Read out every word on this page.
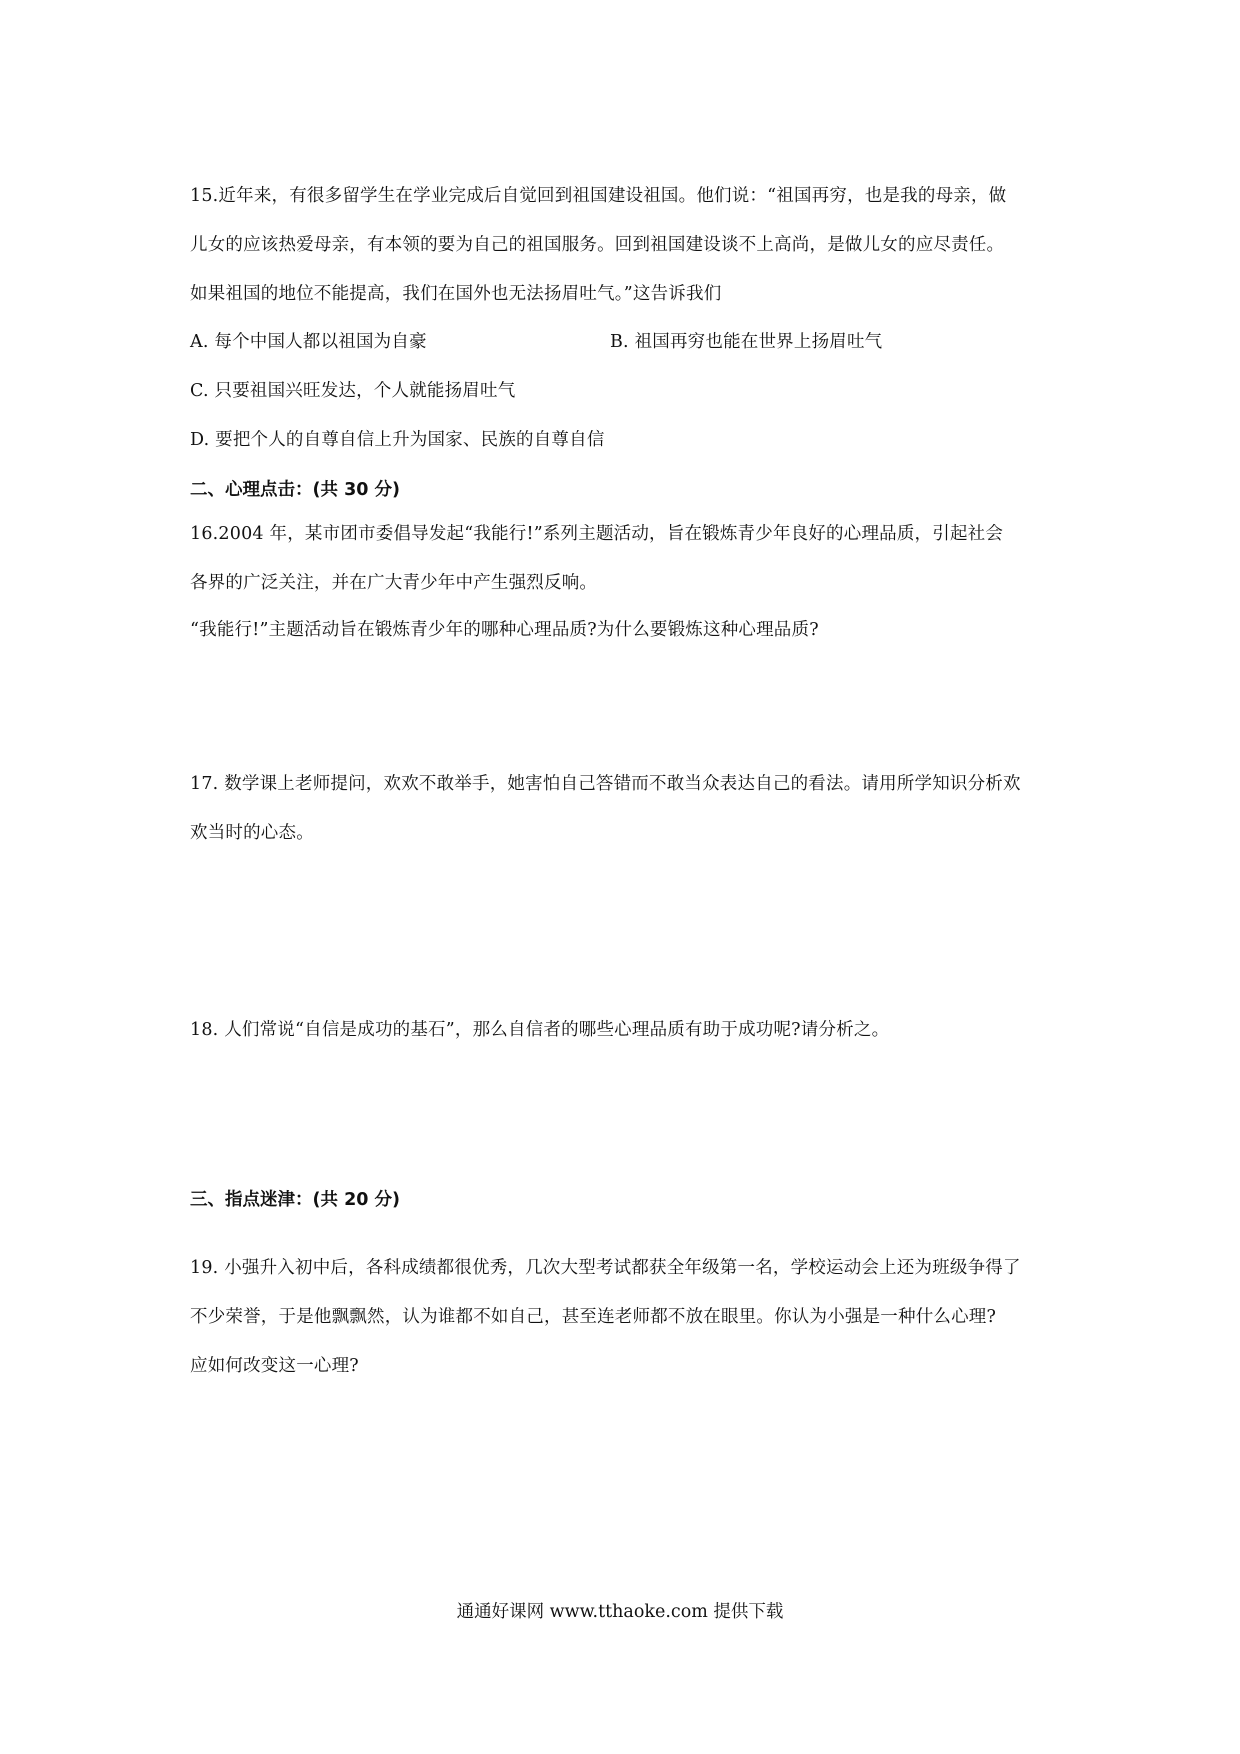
15.近年来，有很多留学生在学业完成后自觉回到祖国建设祖国。他们说：“祖国再穷，也是我的母亲，做
儿女的应该热爱母亲，有本领的要为自己的祖国服务。回到祖国建设谈不上高尚，是做儿女的应尽责任。
如果祖国的地位不能提高，我们在国外也无法扬眉吐气。”这告诉我们
A. 每个中国人都以祖国为自豪	B. 祖国再穷也能在世界上扬眉吐气
C. 只要祖国兴旺发达，个人就能扬眉吐气
D. 要把个人的自尊自信上升为国家、民族的自尊自信
二、心理点击：(共 30 分)
16.2004 年，某市团市委倡导发起“我能行!”系列主题活动，旨在锻炼青少年良好的心理品质，引起社会
各界的广泛关注，并在广大青少年中产生强烈反响。
“我能行!”主题活动旨在锻炼青少年的哪种心理品质?为什么要锻炼这种心理品质?
17. 数学课上老师提问，欢欢不敢举手，她害怕自己答错而不敢当众表达自己的看法。请用所学知识分析欢
欢当时的心态。
18. 人们常说“自信是成功的基石”，那么自信者的哪些心理品质有助于成功呢?请分析之。
三、指点迷津：(共 20 分)
19. 小强升入初中后，各科成绩都很优秀，几次大型考试都获全年级第一名，学校运动会上还为班级争得了
不少荣誉，于是他飘飘然，认为谁都不如自己，甚至连老师都不放在眼里。你认为小强是一种什么心理?
应如何改变这一心理?
通通好课网 www.tthaoke.com 提供下载
